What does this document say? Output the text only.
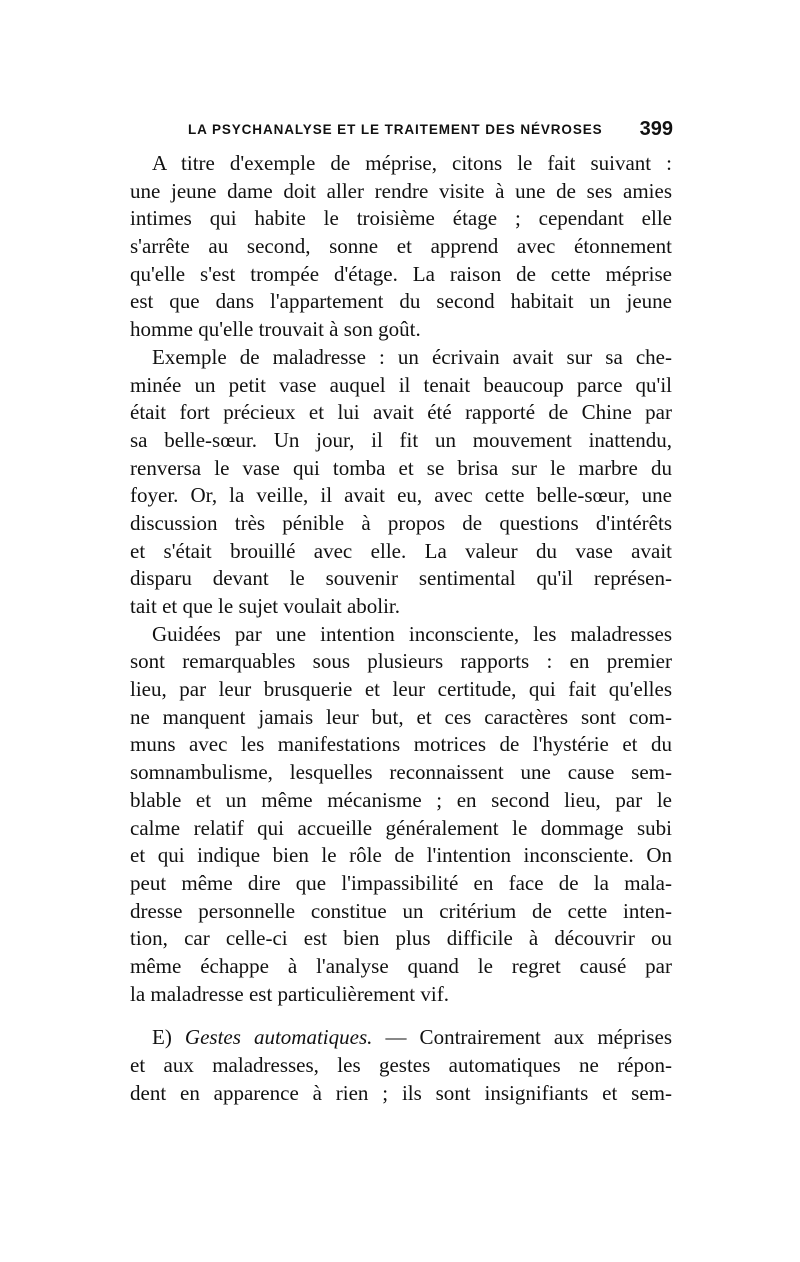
LA PSYCHANALYSE ET LE TRAITEMENT DES NÉVROSES 399
A titre d'exemple de méprise, citons le fait suivant :
une jeune dame doit aller rendre visite à une de ses amies
intimes qui habite le troisième étage ; cependant elle
s'arrête au second, sonne et apprend avec étonnement
qu'elle s'est trompée d'étage. La raison de cette méprise
est que dans l'appartement du second habitait un jeune
homme qu'elle trouvait à son goût.
Exemple de maladresse : un écrivain avait sur sa che-
minée un petit vase auquel il tenait beaucoup parce qu'il
était fort précieux et lui avait été rapporté de Chine par
sa belle-sœur. Un jour, il fit un mouvement inattendu,
renversa le vase qui tomba et se brisa sur le marbre du
foyer. Or, la veille, il avait eu, avec cette belle-sœur, une
discussion très pénible à propos de questions d'intérêts
et s'était brouillé avec elle. La valeur du vase avait
disparu devant le souvenir sentimental qu'il représen-
tait et que le sujet voulait abolir.
Guidées par une intention inconsciente, les maladresses
sont remarquables sous plusieurs rapports : en premier
lieu, par leur brusquerie et leur certitude, qui fait qu'elles
ne manquent jamais leur but, et ces caractères sont com-
muns avec les manifestations motrices de l'hystérie et du
somnambulisme, lesquelles reconnaissent une cause sem-
blable et un même mécanisme ; en second lieu, par le
calme relatif qui accueille généralement le dommage subi
et qui indique bien le rôle de l'intention inconsciente. On
peut même dire que l'impassibilité en face de la mala-
dresse personnelle constitue un critérium de cette inten-
tion, car celle-ci est bien plus difficile à découvrir ou
même échappe à l'analyse quand le regret causé par
la maladresse est particulièrement vif.
E) Gestes automatiques. — Contrairement aux méprises
et aux maladresses, les gestes automatiques ne répon-
dent en apparence à rien ; ils sont insignifiants et sem-
